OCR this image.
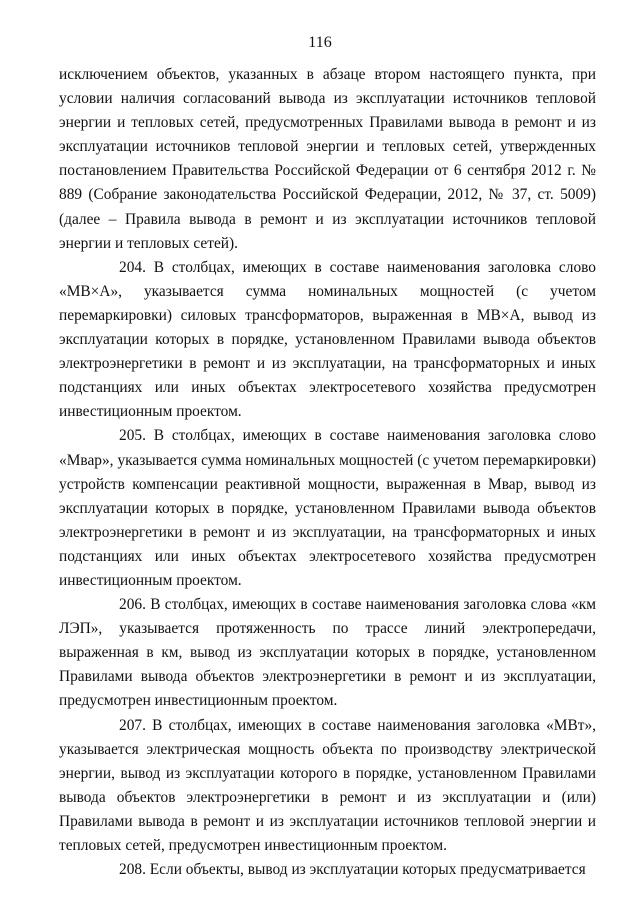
116

исключением объектов, указанных в абзаце втором настоящего пункта, при условии наличия согласований вывода из эксплуатации источников тепловой энергии и тепловых сетей, предусмотренных Правилами вывода в ремонт и из эксплуатации источников тепловой энергии и тепловых сетей, утвержденных постановлением Правительства Российской Федерации от 6 сентября 2012 г. № 889 (Собрание законодательства Российской Федерации, 2012, № 37, ст. 5009) (далее – Правила вывода в ремонт и из эксплуатации источников тепловой энергии и тепловых сетей).

204. В столбцах, имеющих в составе наименования заголовка слово «МВ×А», указывается сумма номинальных мощностей (с учетом перемаркировки) силовых трансформаторов, выраженная в МВ×А, вывод из эксплуатации которых в порядке, установленном Правилами вывода объектов электроэнергетики в ремонт и из эксплуатации, на трансформаторных и иных подстанциях или иных объектах электросетевого хозяйства предусмотрен инвестиционным проектом.

205. В столбцах, имеющих в составе наименования заголовка слово «Мвар», указывается сумма номинальных мощностей (с учетом перемаркировки) устройств компенсации реактивной мощности, выраженная в Мвар, вывод из эксплуатации которых в порядке, установленном Правилами вывода объектов электроэнергетики в ремонт и из эксплуатации, на трансформаторных и иных подстанциях или иных объектах электросетевого хозяйства предусмотрен инвестиционным проектом.

206. В столбцах, имеющих в составе наименования заголовка слова «км ЛЭП», указывается протяженность по трассе линий электропередачи, выраженная в км, вывод из эксплуатации которых в порядке, установленном Правилами вывода объектов электроэнергетики в ремонт и из эксплуатации, предусмотрен инвестиционным проектом.

207. В столбцах, имеющих в составе наименования заголовка «МВт», указывается электрическая мощность объекта по производству электрической энергии, вывод из эксплуатации которого в порядке, установленном Правилами вывода объектов электроэнергетики в ремонт и из эксплуатации и (или) Правилами вывода в ремонт и из эксплуатации источников тепловой энергии и тепловых сетей, предусмотрен инвестиционным проектом.

208. Если объекты, вывод из эксплуатации которых предусматривается
